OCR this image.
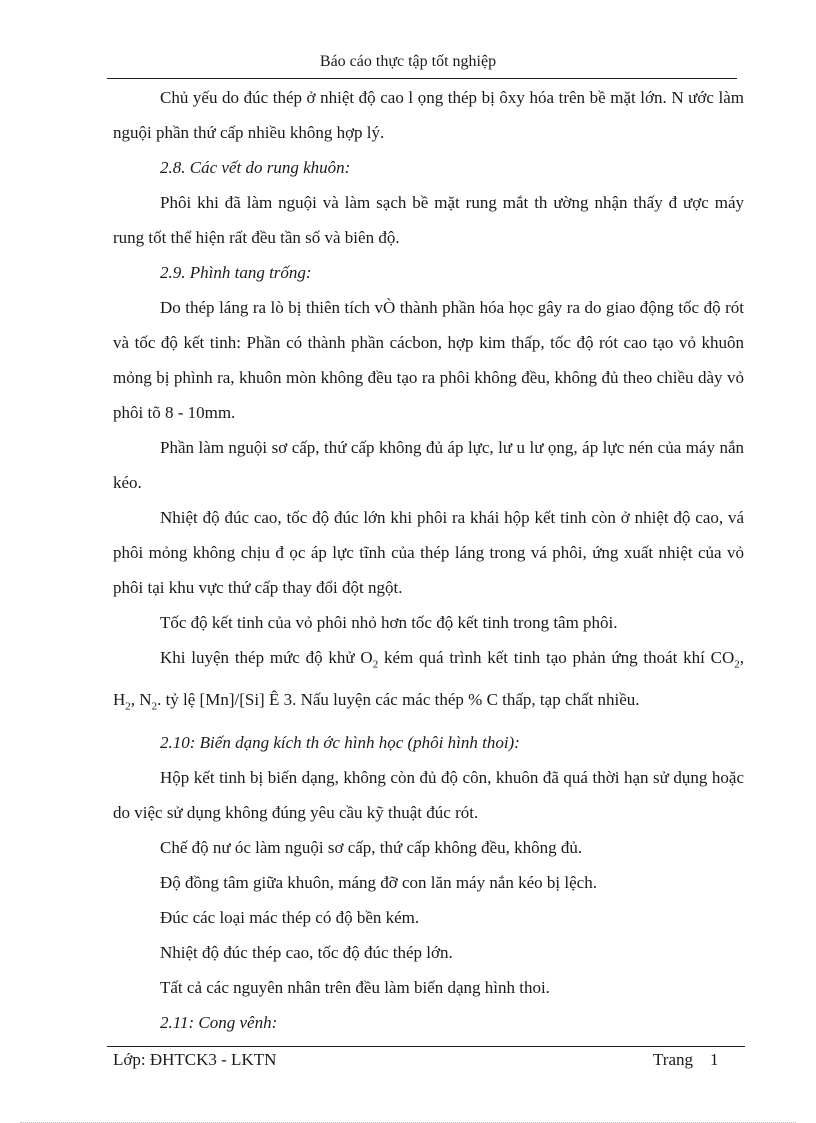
Báo cáo thực tập tốt nghiệp

Chủ yếu do đúc thép ở nhiệt độ cao l ọng thép bị ôxy hóa trên bề mặt lớn. N ước làm nguội phần thứ cấp nhiều không hợp lý.

2.8. Các vết do rung khuôn:

Phôi khi đã làm nguội và làm sạch bề mặt rung mắt th ường nhận thấy đ ược máy rung tốt thể hiện rất đều tần số và biên độ.

2.9. Phình tang trống:

Do thép láng ra lò bị thiên tích vÒ thành phần hóa học gây ra do giao động tốc độ rót và tốc độ kết tinh: Phần có thành phần cácbon, hợp kim thấp, tốc độ rót cao tạo vỏ khuôn mỏng bị phình ra, khuôn mòn không đều tạo ra phôi không đều, không đủ theo chiều dày vỏ phôi tõ 8 - 10mm.

Phần làm nguội sơ cấp, thứ cấp không đủ áp lực, lư u lư ọng, áp lực nén của máy nắn kéo.

Nhiệt độ đúc cao, tốc độ đúc lớn khi phôi ra khái hộp kết tinh còn ở nhiệt độ cao, vá phôi mỏng không chịu đ ọc áp lực tĩnh của thép láng trong vá phôi, ứng xuất nhiệt của vỏ phôi tại khu vực thứ cấp thay đổi đột ngột.

Tốc độ kết tinh của vỏ phôi nhỏ hơn tốc độ kết tinh trong tâm phôi.

Khi luyện thép mức độ khử $O_2$ kém quá trình kết tinh tạo phản ứng thoát khí $CO_2$, $H_2$, $N_2$. tỷ lệ [Mn]/[Si] Ê 3. Nấu luyện các mác thép % C thấp, tạp chất nhiều.

2.10: Biến dạng kích th ớc hình học (phôi hình thoi):

Hộp kết tinh bị biến dạng, không còn đủ độ côn, khuôn đã quá thời hạn sử dụng hoặc do việc sử dụng không đúng yêu cầu kỹ thuật đúc rót.

Chế độ nư óc làm nguội sơ cấp, thứ cấp không đều, không đủ.

Độ đồng tâm giữa khuôn, máng đỡ con lăn máy nắn kéo bị lệch.

Đúc các loại mác thép có độ bền kém.

Nhiệt độ đúc thép cao, tốc độ đúc thép lớn.

Tất cả các nguyên nhân trên đều làm biến dạng hình thoi.

2.11: Cong vênh:

Lớp: ĐHTCK3 - LKTN	Trang    1
